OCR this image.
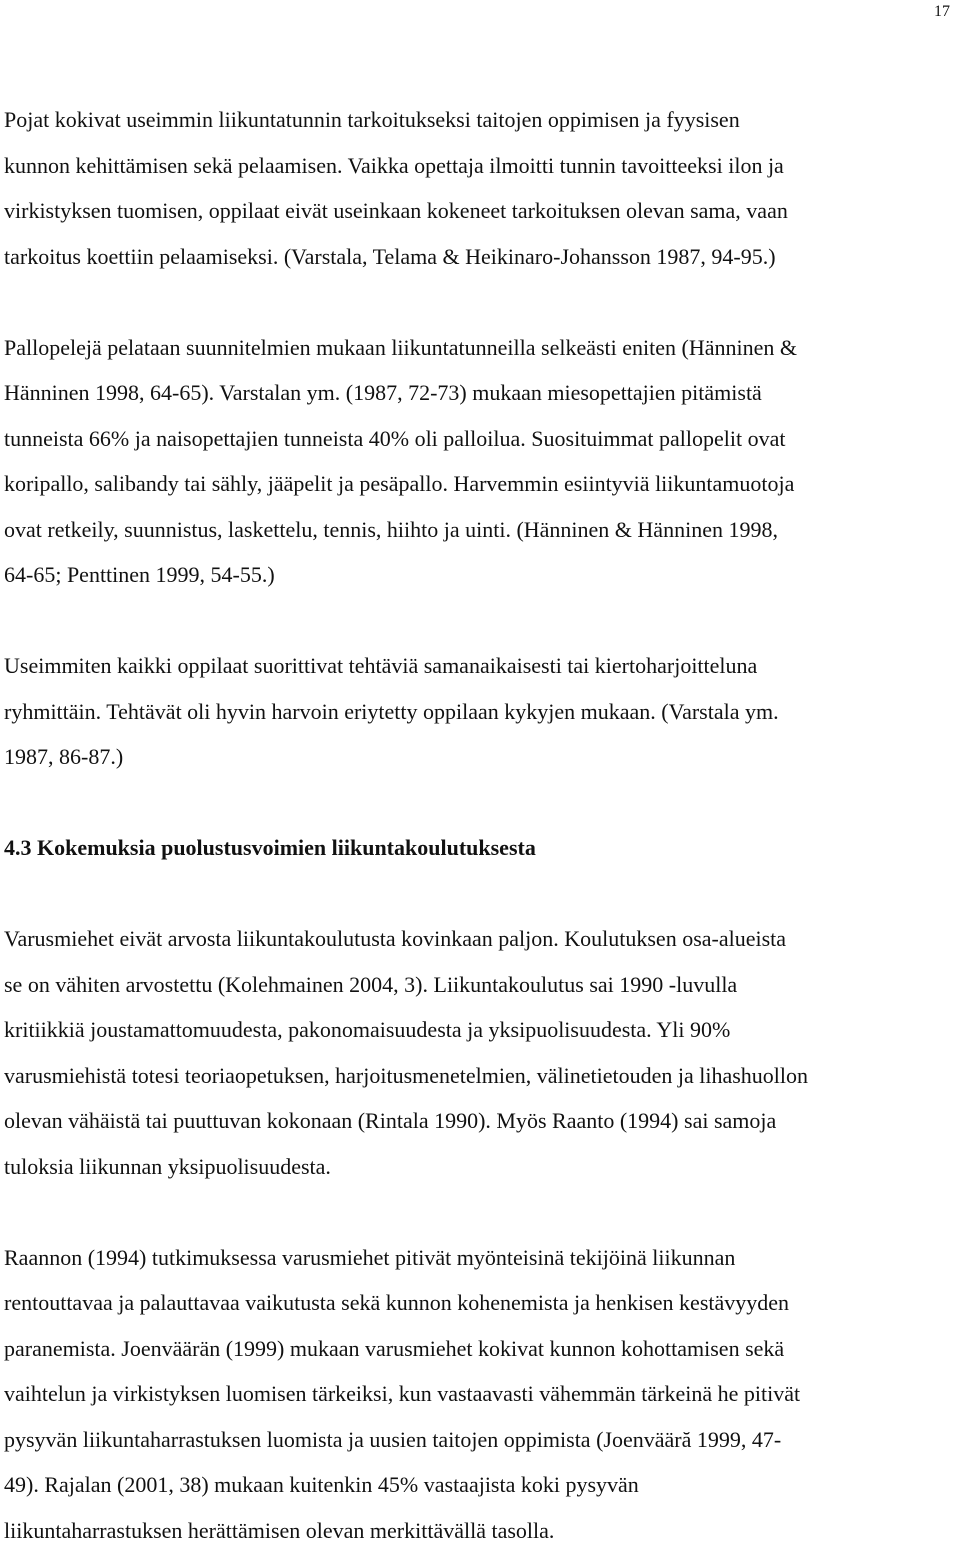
17

Pojat kokivat useimmin liikuntatunnin tarkoitukseksi taitojen oppimisen ja fyysisen
kunnon kehittämisen sekä pelaamisen. Vaikka opettaja ilmoitti tunnin tavoitteeksi ilon ja
virkistyksen tuomisen, oppilaat eivät useinkaan kokeneet tarkoituksen olevan sama, vaan
tarkoitus koettiin pelaamiseksi. (Varstala, Telama & Heikinaro-Johansson 1987, 94-95.)

Pallopelejä pelataan suunnitelmien mukaan liikuntatunneilla selkeästi eniten (Hänninen &
Hänninen 1998, 64-65). Varstalan ym. (1987, 72-73) mukaan miesopettajien pitämistä
tunneista 66% ja naisopettajien tunneista 40% oli palloilua. Suosituimmat pallopelit ovat
koripallo, salibandy tai sähly, jääpelit ja pesäpallo. Harvemmin esiintyviä liikuntamuotoja
ovat retkeily, suunnistus, laskettelu, tennis, hiihto ja uinti. (Hänninen & Hänninen 1998,
64-65; Penttinen 1999, 54-55.)

Useimmiten kaikki oppilaat suorittivat tehtäviä samanaikaisesti tai kiertoharjoitteluna
ryhmittäin. Tehtävät oli hyvin harvoin eriytetty oppilaan kykyjen mukaan. (Varstala ym.
1987, 86-87.)

4.3 Kokemuksia puolustusvoimien liikuntakoulutuksesta

Varusmiehet eivät arvosta liikuntakoulutusta kovinkaan paljon. Koulutuksen osa-alueista
se on vähiten arvostettu (Kolehmainen 2004, 3). Liikuntakoulutus sai 1990 -luvulla
kritiikkiä joustamattomuudesta, pakonomaisuudesta ja yksipuolisuudesta. Yli 90%
varusmiehistä totesi teoriaopetuksen, harjoitusmenetelmien, välinetietouden ja lihashuollon
olevan vähäistä tai puuttuvan kokonaan (Rintala 1990). Myös Raanto (1994) sai samoja
tuloksia liikunnan yksipuolisuudesta.

Raannon (1994) tutkimuksessa varusmiehet pitivät myönteisinä tekijöinä liikunnan
rentouttavaa ja palauttavaa vaikutusta sekä kunnon kohenemista ja henkisen kestävyyden
paranemista. Joenväärän (1999) mukaan varusmiehet kokivat kunnon kohottamisen sekä
vaihtelun ja virkistyksen luomisen tärkeiksi, kun vastaavasti vähemmän tärkeinä he pitivät
pysyvän liikuntaharrastuksen luomista ja uusien taitojen oppimista (Joenvääră 1999, 47-
49). Rajalan (2001, 38) mukaan kuitenkin 45% vastaajista koki pysyvän
liikuntaharrastuksen herättämisen olevan merkittävällä tasolla.
